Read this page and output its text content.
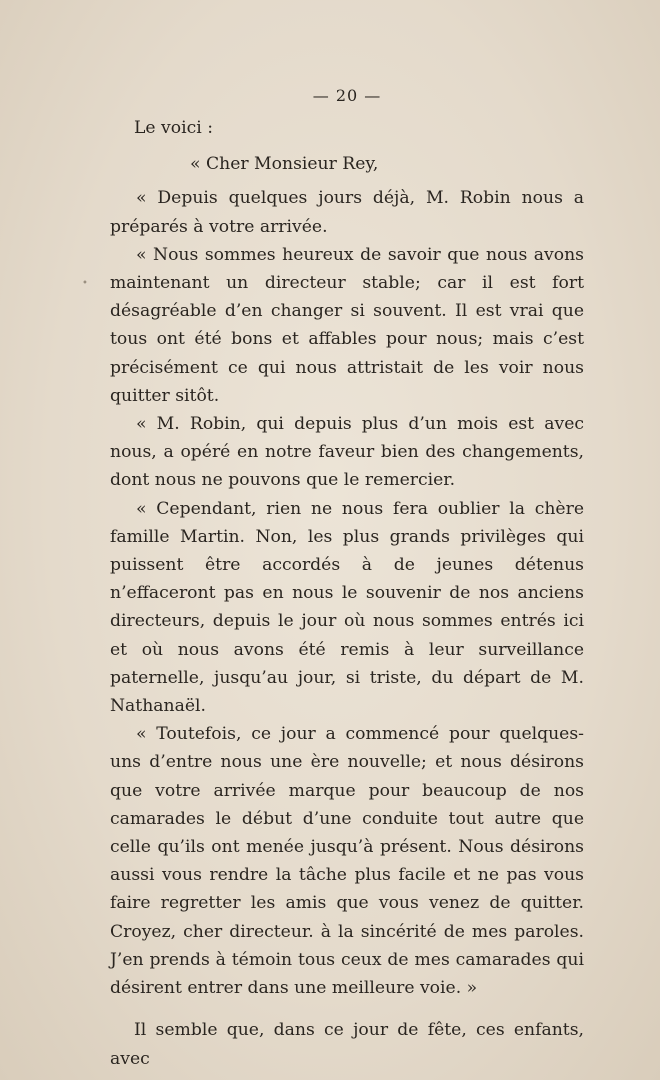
— 20 —
•

Le voici :

« Cher Monsieur Rey,

« Depuis quelques jours déjà, M. Robin nous a préparés à votre arrivée.

« Nous sommes heureux de savoir que nous avons maintenant un directeur stable; car il est fort désagréable d’en changer si souvent. Il est vrai que tous ont été bons et affables pour nous; mais c’est précisément ce qui nous attristait de les voir nous quitter sitôt.

« M. Robin, qui depuis plus d’un mois est avec nous, a opéré en notre faveur bien des changements, dont nous ne pouvons que le remercier.

« Cependant, rien ne nous fera oublier la chère famille Martin. Non, les plus grands privilèges qui puissent être accordés à de jeunes détenus n’effaceront pas en nous le souvenir de nos anciens directeurs, depuis le jour où nous sommes entrés ici et où nous avons été remis à leur surveillance paternelle, jusqu’au jour, si triste, du départ de M. Nathanaël.

« Toutefois, ce jour a commencé pour quelques-uns d’entre nous une ère nouvelle; et nous désirons que votre arrivée marque pour beaucoup de nos camarades le début d’une conduite tout autre que celle qu’ils ont menée jusqu’à présent. Nous désirons aussi vous rendre la tâche plus facile et ne pas vous faire regretter les amis que vous venez de quitter. Croyez, cher directeur. à la sincérité de mes paroles. J’en prends à témoin tous ceux de mes camarades qui désirent entrer dans une meilleure voie. »

Il semble que, dans ce jour de fête, ces enfants, avec
